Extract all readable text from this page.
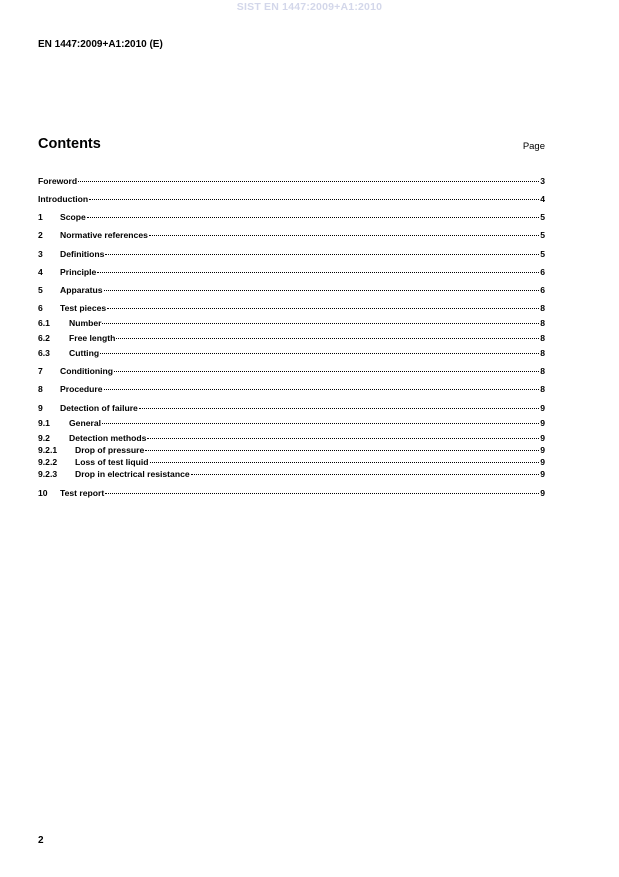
SIST EN 1447:2009+A1:2010
EN 1447:2009+A1:2010 (E)
Contents	Page
Foreword	3
Introduction	4
1	Scope	5
2	Normative references	5
3	Definitions	5
4	Principle	6
5	Apparatus	6
6	Test pieces	8
6.1	Number	8
6.2	Free length	8
6.3	Cutting	8
7	Conditioning	8
8	Procedure	8
9	Detection of failure	9
9.1	General	9
9.2	Detection methods	9
9.2.1	Drop of pressure	9
9.2.2	Loss of test liquid	9
9.2.3	Drop in electrical resistance	9
10	Test report	9
2
